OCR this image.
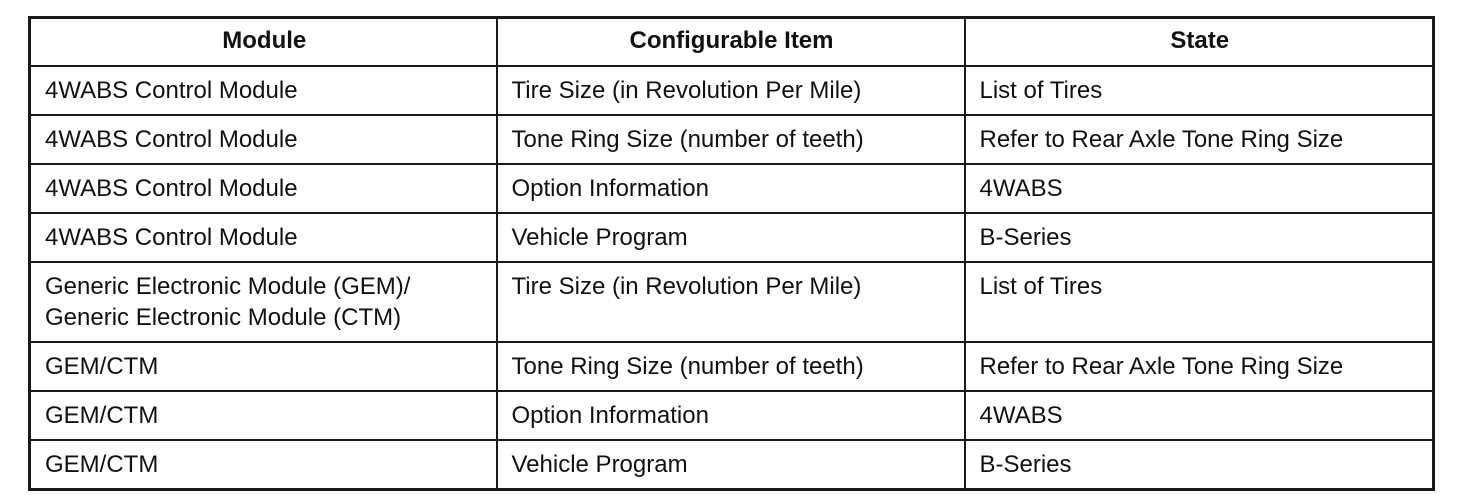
Module	Configurable Item	State

4WABS Control Module	Tire Size (in Revolution Per Mile)	List of Tires

4WABS Control Module	Tone Ring Size (number of teeth)	Refer to Rear Axle Tone Ring Size

4WABS Control Module	Option Information	4WABS

4WABS Control Module	Vehicle Program	B-Series

Generic Electronic Module (GEM)/
Generic Electronic Module (CTM)	Tire Size (in Revolution Per Mile)	List of Tires

GEM/CTM	Tone Ring Size (number of teeth)	Refer to Rear Axle Tone Ring Size

GEM/CTM	Option Information	4WABS

GEM/CTM	Vehicle Program	B-Series
